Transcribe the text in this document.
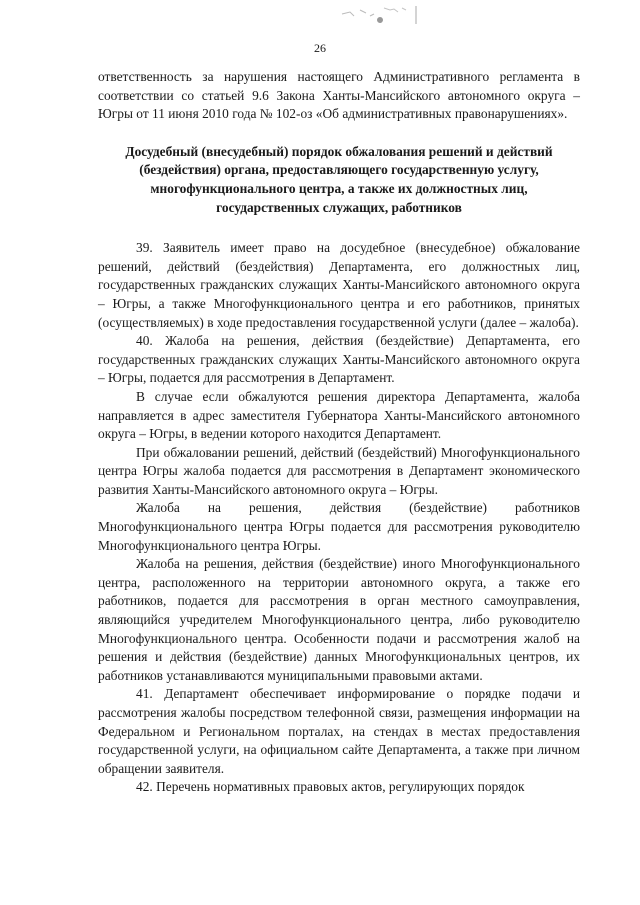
26

ответственность за нарушения настоящего Административного регламента в соответствии со статьей 9.6 Закона Ханты-Мансийского автономного округа – Югры от 11 июня 2010 года № 102-оз «Об административных правонарушениях».

Досудебный (внесудебный) порядок обжалования решений и действий (бездействия) органа, предоставляющего государственную услугу, многофункционального центра, а также их должностных лиц, государственных служащих, работников

39. Заявитель имеет право на досудебное (внесудебное) обжалование решений, действий (бездействия) Департамента, его должностных лиц, государственных гражданских служащих Ханты-Мансийского автономного округа – Югры, а также Многофункционального центра и его работников, принятых (осуществляемых) в ходе предоставления государственной услуги (далее – жалоба).

40. Жалоба на решения, действия (бездействие) Департамента, его государственных гражданских служащих Ханты-Мансийского автономного округа – Югры, подается для рассмотрения в Департамент.

В случае если обжалуются решения директора Департамента, жалоба направляется в адрес заместителя Губернатора Ханты-Мансийского автономного округа – Югры, в ведении которого находится Департамент.

При обжаловании решений, действий (бездействий) Многофункционального центра Югры жалоба подается для рассмотрения в Департамент экономического развития Ханты-Мансийского автономного округа – Югры.

Жалоба на решения, действия (бездействие) работников Многофункционального центра Югры подается для рассмотрения руководителю Многофункционального центра Югры.

Жалоба на решения, действия (бездействие) иного Многофункционального центра, расположенного на территории автономного округа, а также его работников, подается для рассмотрения в орган местного самоуправления, являющийся учредителем Многофункционального центра, либо руководителю Многофункционального центра. Особенности подачи и рассмотрения жалоб на решения и действия (бездействие) данных Многофункциональных центров, их работников устанавливаются муниципальными правовыми актами.

41. Департамент обеспечивает информирование о порядке подачи и рассмотрения жалобы посредством телефонной связи, размещения информации на Федеральном и Региональном порталах, на стендах в местах предоставления государственной услуги, на официальном сайте Департамента, а также при личном обращении заявителя.

42. Перечень нормативных правовых актов, регулирующих порядок
